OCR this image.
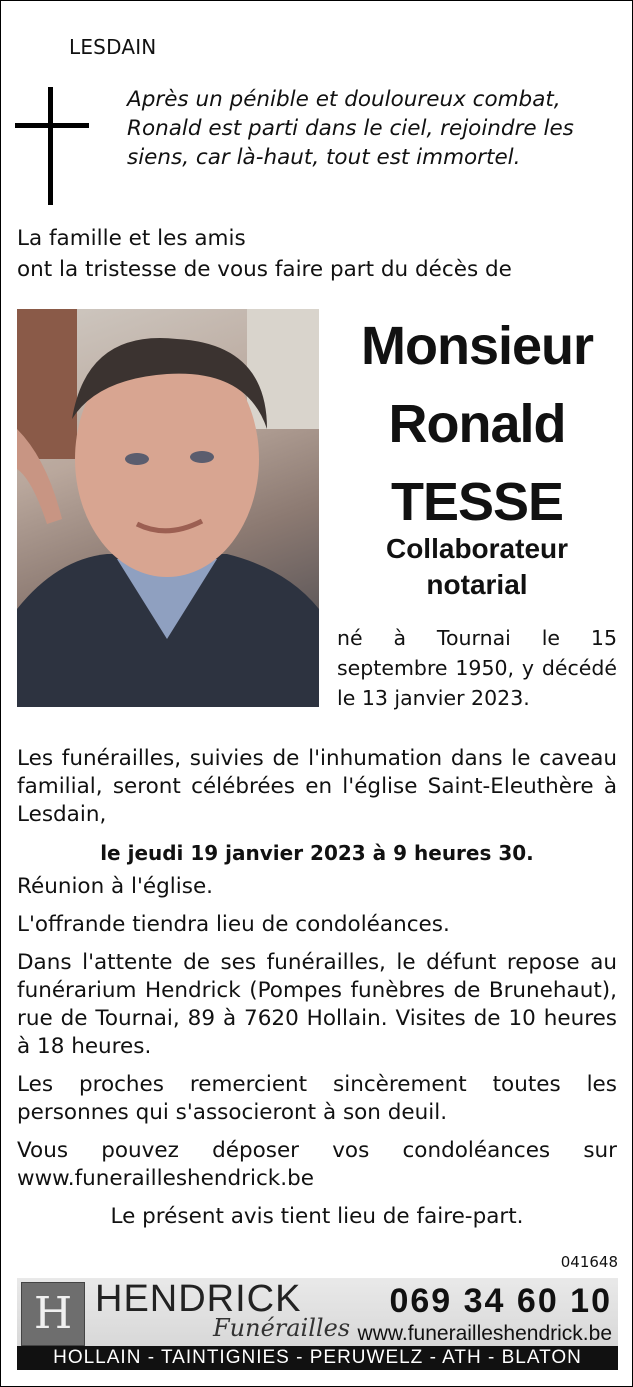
LESDAIN
Après un pénible et douloureux combat, Ronald est parti dans le ciel, rejoindre les siens, car là-haut, tout est immortel.
La famille et les amis
ont la tristesse de vous faire part du décès de
Monsieur
Ronald
TESSE
Collaborateur
notarial
né à Tournai le 15 septembre 1950, y décédé le 13 janvier 2023.

Les funérailles, suivies de l'inhumation dans le caveau familial, seront célébrées en l'église Saint-Eleuthère à Lesdain,

le jeudi 19 janvier 2023 à 9 heures 30.

Réunion à l'église.

L'offrande tiendra lieu de condoléances.

Dans l'attente de ses funérailles, le défunt repose au funérarium Hendrick (Pompes funèbres de Brunehaut), rue de Tournai, 89 à 7620 Hollain. Visites de 10 heures à 18 heures.

Les proches remercient sincèrement toutes les personnes qui s'associeront à son deuil.

Vous pouvez déposer vos condoléances sur www.funerailleshendrick.be

Le présent avis tient lieu de faire-part.

041648
H HENDRICK
Funérailles
069 34 60 10
www.funerailleshendrick.be
HOLLAIN - TAINTIGNIES - PERUWELZ - ATH - BLATON
